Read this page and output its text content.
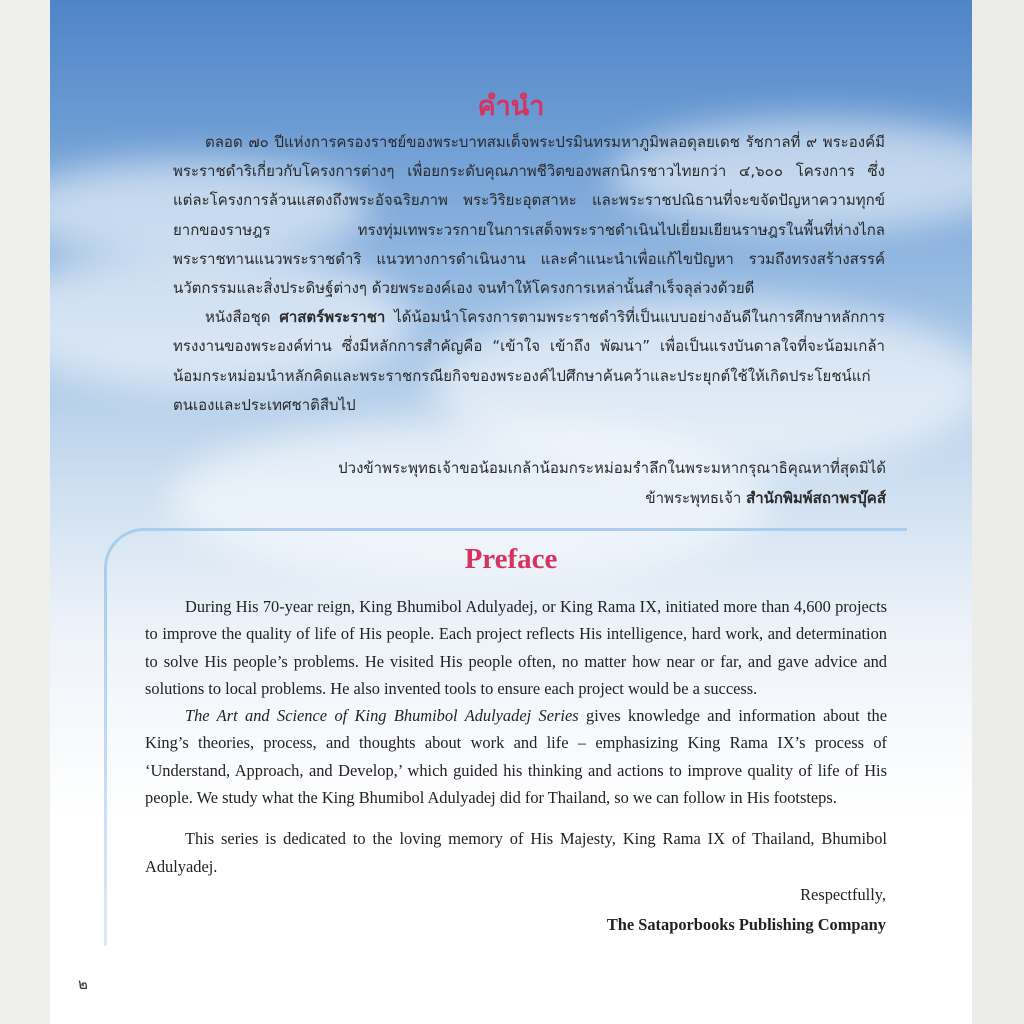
คำนำ

ตลอด ๗๐ ปีแห่งการครองราชย์ของพระบาทสมเด็จพระปรมินทรมหาภูมิพลอดุลยเดช รัชกาลที่ ๙ พระองค์มีพระราชดำริเกี่ยวกับโครงการต่างๆ เพื่อยกระดับคุณภาพชีวิตของพสกนิกรชาวไทยกว่า ๔,๖๐๐ โครงการ ซึ่งแต่ละโครงการล้วนแสดงถึงพระอัจฉริยภาพ พระวิริยะอุตสาหะ และพระราชปณิธานที่จะขจัดปัญหาความทุกข์ยากของราษฎร ทรงทุ่มเทพระวรกายในการเสด็จพระราชดำเนินไปเยี่ยมเยียนราษฎรในพื้นที่ห่างไกล พระราชทานแนวพระราชดำริ แนวทางการดำเนินงาน และคำแนะนำเพื่อแก้ไขปัญหา รวมถึงทรงสร้างสรรค์นวัตกรรมและสิ่งประดิษฐ์ต่างๆ ด้วยพระองค์เอง จนทำให้โครงการเหล่านั้นสำเร็จลุล่วงด้วยดี

หนังสือชุด ศาสตร์พระราชา ได้น้อมนำโครงการตามพระราชดำริที่เป็นแบบอย่างอันดีในการศึกษาหลักการทรงงานของพระองค์ท่าน ซึ่งมีหลักการสำคัญคือ “เข้าใจ เข้าถึง พัฒนา” เพื่อเป็นแรงบันดาลใจที่จะน้อมเกล้าน้อมกระหม่อมนำหลักคิดและพระราชกรณียกิจของพระองค์ไปศึกษาค้นคว้าและประยุกต์ใช้ให้เกิดประโยชน์แก่ตนเองและประเทศชาติสืบไป

ปวงข้าพระพุทธเจ้าขอน้อมเกล้าน้อมกระหม่อมรำลึกในพระมหากรุณาธิคุณหาที่สุดมิได้
ข้าพระพุทธเจ้า สำนักพิมพ์สถาพรบุ๊คส์
Preface

During His 70-year reign, King Bhumibol Adulyadej, or King Rama IX, initiated more than 4,600 projects to improve the quality of life of His people. Each project reflects His intelligence, hard work, and determination to solve His people’s problems. He visited His people often, no matter how near or far, and gave advice and solutions to local problems. He also invented tools to ensure each project would be a success.

The Art and Science of King Bhumibol Adulyadej Series gives knowledge and information about the King’s theories, process, and thoughts about work and life – emphasizing King Rama IX’s process of ‘Understand, Approach, and Develop,’ which guided his thinking and actions to improve quality of life of His people. We study what the King Bhumibol Adulyadej did for Thailand, so we can follow in His footsteps.

This series is dedicated to the loving memory of His Majesty, King Rama IX of Thailand, Bhumibol Adulyadej.

Respectfully,
The Sataporbooks Publishing Company
๒
